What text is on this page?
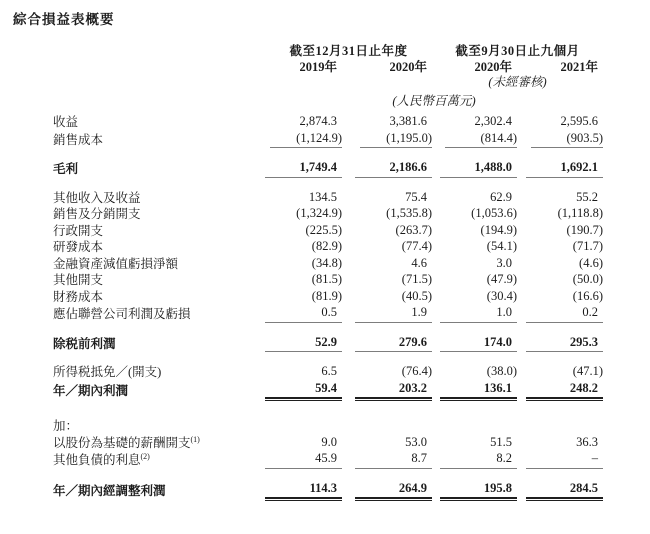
綜合損益表概要
	截至12月31日止年度		截至9月30日止九個月	
	2019年	2020年	2020年	2021年
			(未經審核)	
	(人民幣百萬元)			
收益	2,874.3	3,381.6	2,302.4	2,595.6
銷售成本	(1,124.9)	(1,195.0)	(814.4)	(903.5)

毛利	1,749.4	2,186.6	1,488.0	1,692.1

其他收入及收益	134.5	75.4	62.9	55.2
銷售及分銷開支	(1,324.9)	(1,535.8)	(1,053.6)	(1,118.8)
行政開支	(225.5)	(263.7)	(194.9)	(190.7)
研發成本	(82.9)	(77.4)	(54.1)	(71.7)
金融資產減值虧損淨額	(34.8)	4.6	3.0	(4.6)
其他開支	(81.5)	(71.5)	(47.9)	(50.0)
財務成本	(81.9)	(40.5)	(30.4)	(16.6)
應佔聯營公司利潤及虧損	0.5	1.9	1.0	0.2

除税前利潤	52.9	279.6	174.0	295.3

所得税抵免／(開支)	6.5	(76.4)	(38.0)	(47.1)
年／期內利潤	59.4	203.2	136.1	248.2

加：				
以股份為基礎的薪酬開支$^{(1)}$	9.0	53.0	51.5	36.3
其他負債的利息$^{(2)}$	45.9	8.7	8.2	–

年／期內經調整利潤	114.3	264.9	195.8	284.5
